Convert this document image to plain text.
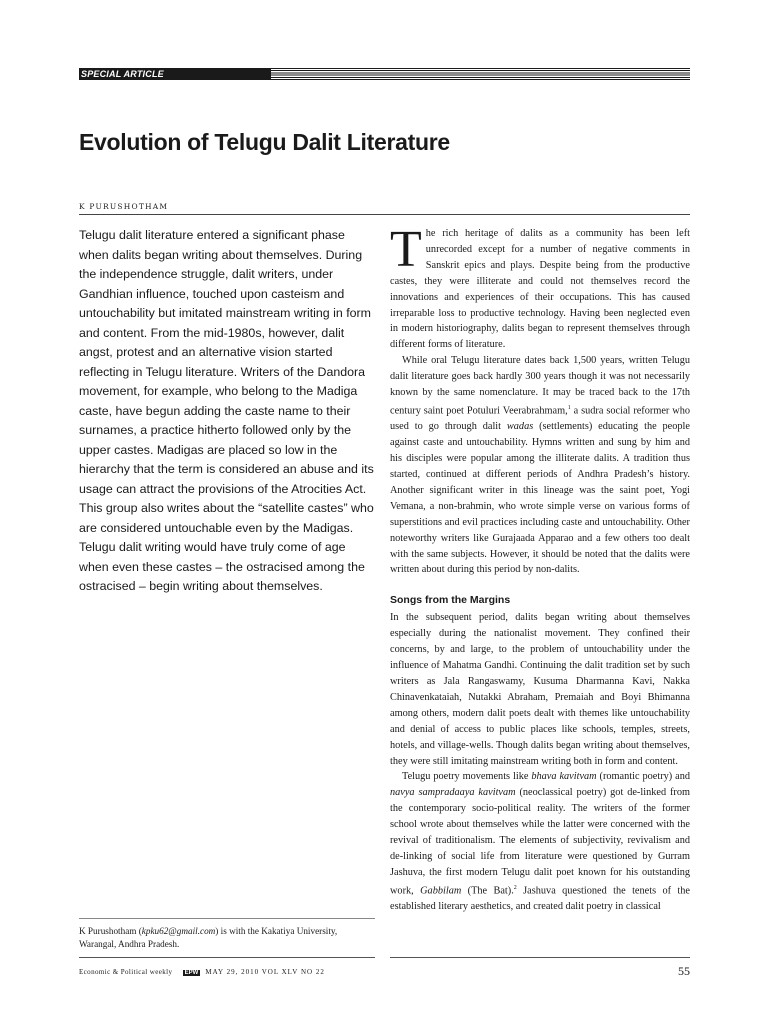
SPECIAL ARTICLE
Evolution of Telugu Dalit Literature
K PURUSHOTHAM

Telugu dalit literature entered a significant phase when dalits began writing about themselves. During the independence struggle, dalit writers, under Gandhian influence, touched upon casteism and untouchability but imitated mainstream writing in form and content. From the mid-1980s, however, dalit angst, protest and an alternative vision started reflecting in Telugu literature. Writers of the Dandora movement, for example, who belong to the Madiga caste, have begun adding the caste name to their surnames, a practice hitherto followed only by the upper castes. Madigas are placed so low in the hierarchy that the term is considered an abuse and its usage can attract the provisions of the Atrocities Act. This group also writes about the “satellite castes” who are considered untouchable even by the Madigas. Telugu dalit writing would have truly come of age when even these castes – the ostracised among the ostracised – begin writing about themselves.

K Purushotham (kpku62@gmail.com) is with the Kakatiya University, Warangal, Andhra Pradesh.

The rich heritage of dalits as a community has been left unrecorded except for a number of negative comments in Sanskrit epics and plays. Despite being from the productive castes, they were illiterate and could not themselves record the innovations and experiences of their occupations. This has caused irreparable loss to productive technology. Having been neglected even in modern historiography, dalits began to represent themselves through different forms of literature.

While oral Telugu literature dates back 1,500 years, written Telugu dalit literature goes back hardly 300 years though it was not necessarily known by the same nomenclature. It may be traced back to the 17th century saint poet Potuluri Veerabrahmam,$^1$ a sudra social reformer who used to go through dalit wadas (settlements) educating the people against caste and untouchability. Hymns written and sung by him and his disciples were popular among the illiterate dalits. A tradition thus started, continued at different periods of Andhra Pradesh’s history. Another significant writer in this lineage was the saint poet, Yogi Vemana, a non-brahmin, who wrote simple verse on various forms of superstitions and evil practices including caste and untouchability. Other noteworthy writers like Gurajaada Apparao and a few others too dealt with the same subjects. However, it should be noted that the dalits were written about during this period by non-dalits.

Songs from the Margins

In the subsequent period, dalits began writing about themselves especially during the nationalist movement. They confined their concerns, by and large, to the problem of untouchability under the influence of Mahatma Gandhi. Continuing the dalit tradition set by such writers as Jala Rangaswamy, Kusuma Dharmanna Kavi, Nakka Chinavenkataiah, Nutakki Abraham, Premaiah and Boyi Bhimanna among others, modern dalit poets dealt with themes like untouchability and denial of access to public places like schools, temples, streets, hotels, and village-wells. Though dalits began writing about themselves, they were still imitating mainstream writing both in form and content.

Telugu poetry movements like bhava kavitvam (romantic poetry) and navya sampradaaya kavitvam (neoclassical poetry) got de-linked from the contemporary socio-political reality. The writers of the former school wrote about themselves while the latter were concerned with the revival of traditionalism. The elements of subjectivity, revivalism and de-linking of social life from literature were questioned by Gurram Jashuva, the first modern Telugu dalit poet known for his outstanding work, Gabbilam (The Bat).$^2$ Jashuva questioned the tenets of the established literary aesthetics, and created dalit poetry in classical

Economic & Political weekly EPW MAY 29, 2010 VOL XLV NO 22	55
